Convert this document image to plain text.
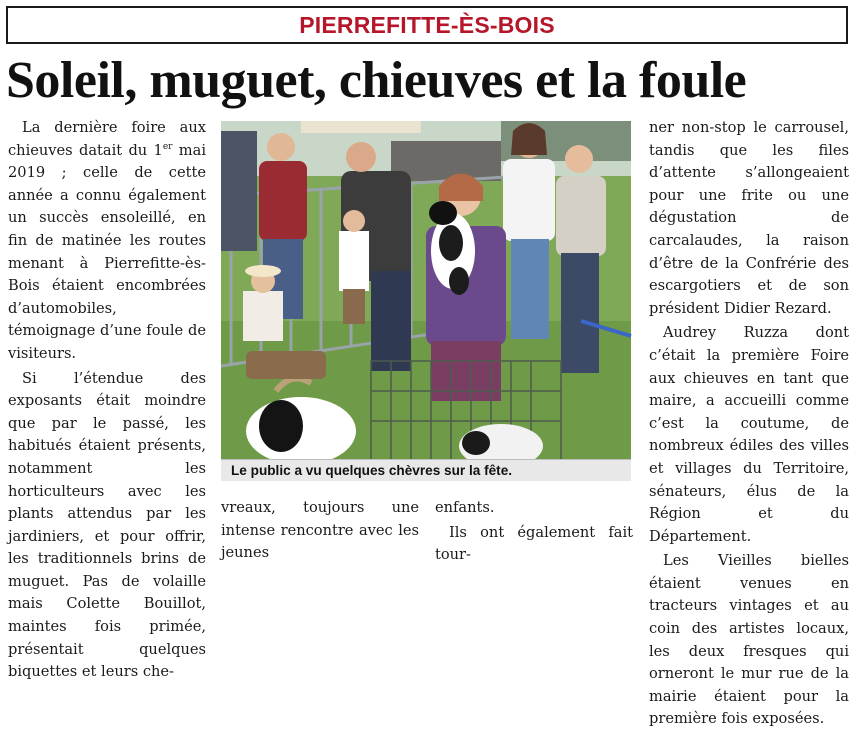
PIERREFITTE-ÈS-BOIS
Soleil, muguet, chieuves et la foule

La dernière foire aux chieuves datait du 1er mai 2019 ; celle de cette année a connu également un succès ensoleillé, en fin de matinée les routes menant à Pierrefitte-ès-Bois étaient encombrées d’automobiles, témoignage d’une foule de visiteurs.

Si l’étendue des exposants était moindre que par le passé, les habitués étaient présents, notamment les horticulteurs avec les plants attendus par les jardiniers, et pour offrir, les traditionnels brins de muguet. Pas de volaille mais Colette Bouillot, maintes fois primée, présentait quelques biquettes et leurs che-

Le public a vu quelques chèvres sur la fête.

vreaux, toujours une intense rencontre avec les jeunes

enfants.

Ils ont également fait tour-

ner non-stop le carrousel, tandis que les files d’attente s’allongeaient pour une frite ou une dégustation de carcalaudes, la raison d’être de la Confrérie des escargotiers et de son président Didier Rezard.

Audrey Ruzza dont c’était la première Foire aux chieuves en tant que maire, a accueilli comme c’est la coutume, de nombreux édiles des villes et villages du Territoire, sénateurs, élus de la Région et du Département.

Les Vieilles bielles étaient venues en tracteurs vintages et au coin des artistes locaux, les deux fresques qui orneront le mur rue de la mairie étaient pour la première fois exposées.
